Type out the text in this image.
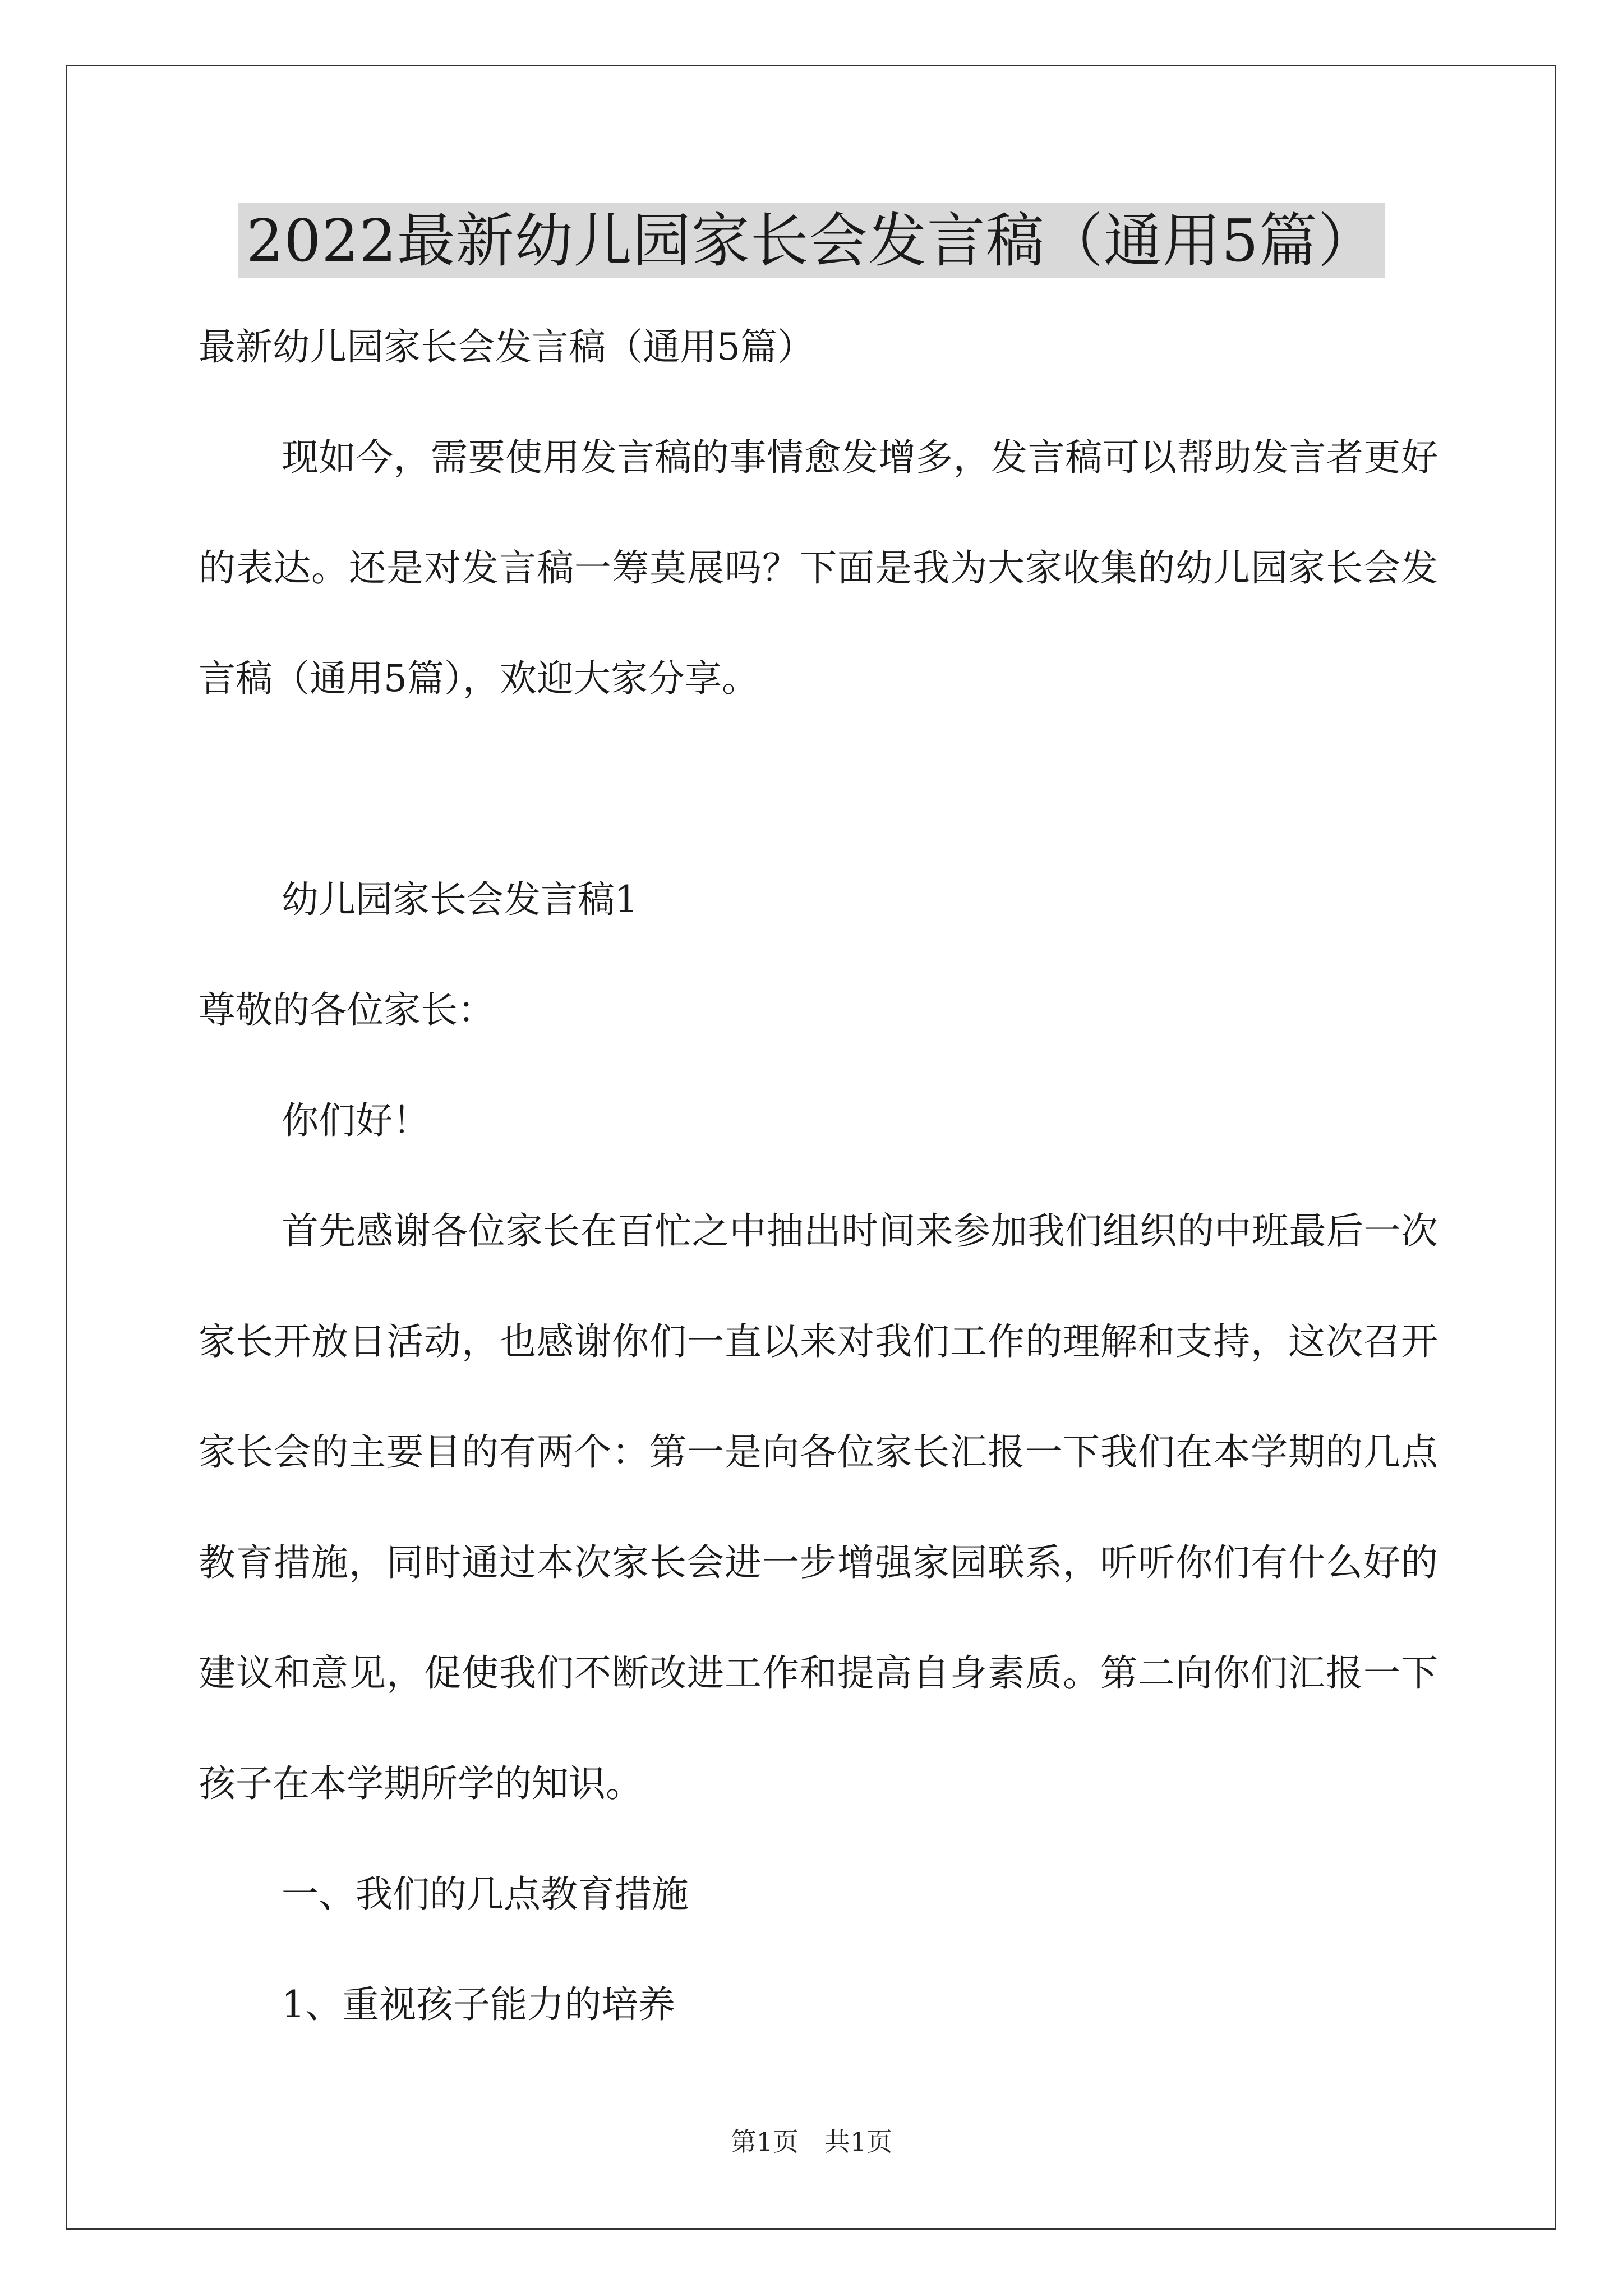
2022最新幼儿园家长会发言稿（通用5篇）

最新幼儿园家长会发言稿（通用5篇）

现如今，需要使用发言稿的事情愈发增多，发言稿可以帮助发言者更好的表达。还是对发言稿一筹莫展吗？下面是我为大家收集的幼儿园家长会发言稿（通用5篇），欢迎大家分享。

幼儿园家长会发言稿1

尊敬的各位家长：

你们好！

首先感谢各位家长在百忙之中抽出时间来参加我们组织的中班最后一次家长开放日活动，也感谢你们一直以来对我们工作的理解和支持，这次召开家长会的主要目的有两个：第一是向各位家长汇报一下我们在本学期的几点教育措施，同时通过本次家长会进一步增强家园联系，听听你们有什么好的建议和意见，促使我们不断改进工作和提高自身素质。第二向你们汇报一下孩子在本学期所学的知识。

一、我们的几点教育措施

1、重视孩子能力的培养

第1页　共1页
